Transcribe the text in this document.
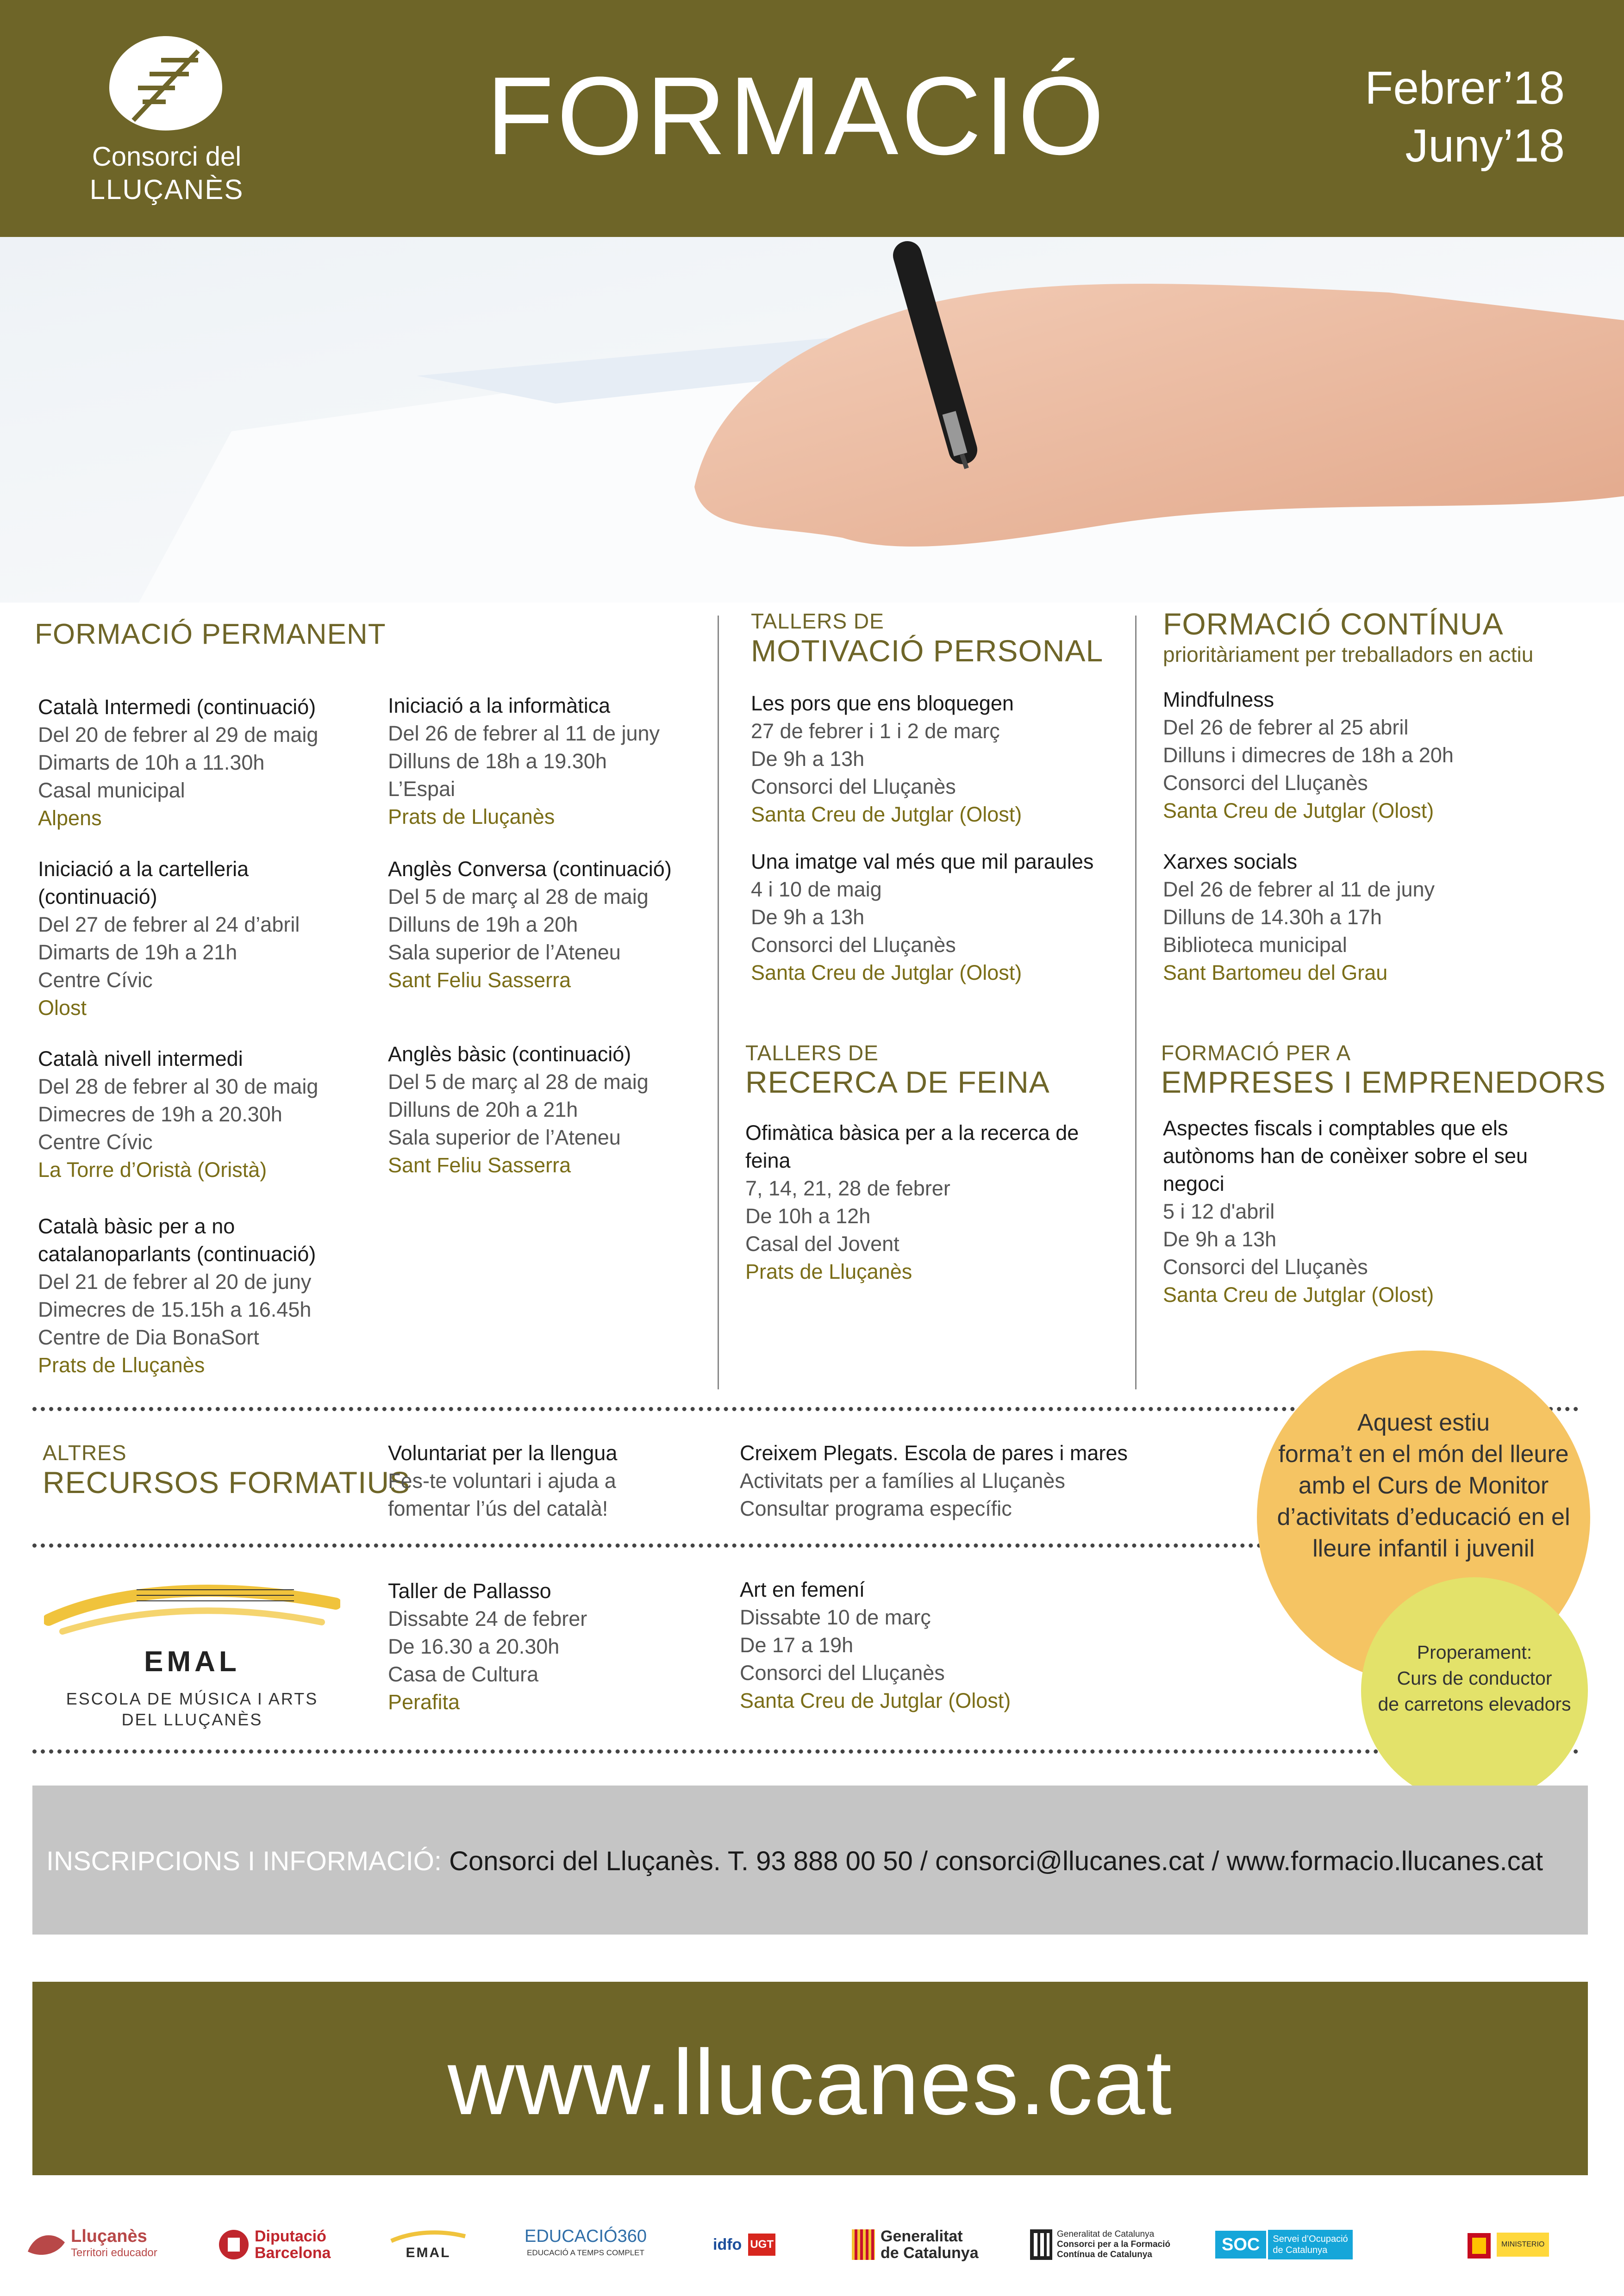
Consorci del
LLUÇANÈS
FORMACIÓ	Febrer’18
Juny’18
FORMACIÓ PERMANENT
Català Intermedi (continuació)
Del 20 de febrer al 29 de maig
Dimarts de 10h a 11.30h
Casal municipal
Alpens
Iniciació a la cartelleria
(continuació)
Del 27 de febrer al 24 d’abril
Dimarts de 19h a 21h
Centre Cívic
Olost
Català nivell intermedi
Del 28 de febrer al 30 de maig
Dimecres de 19h a 20.30h
Centre Cívic
La Torre d’Oristà (Oristà)
Català bàsic per a no
catalanoparlants (continuació)
Del 21 de febrer al 20 de juny
Dimecres de 15.15h a 16.45h
Centre de Dia BonaSort
Prats de Lluçanès
Iniciació a la informàtica
Del 26 de febrer al 11 de juny
Dilluns de 18h a 19.30h
L’Espai
Prats de Lluçanès
Anglès Conversa (continuació)
Del 5 de març al 28 de maig
Dilluns de 19h a 20h
Sala superior de l’Ateneu
Sant Feliu Sasserra
Anglès bàsic (continuació)
Del 5 de març al 28 de maig
Dilluns de 20h a 21h
Sala superior de l’Ateneu
Sant Feliu Sasserra
TALLERS DE
MOTIVACIÓ PERSONAL
Les pors que ens bloquegen
27 de febrer i 1 i 2 de març
De 9h a 13h
Consorci del Lluçanès
Santa Creu de Jutglar (Olost)
Una imatge val més que mil paraules
4 i 10 de maig
De 9h a 13h
Consorci del Lluçanès
Santa Creu de Jutglar (Olost)
TALLERS DE
RECERCA DE FEINA
Ofimàtica bàsica per a la recerca de
feina
7, 14, 21, 28 de febrer
De 10h a 12h
Casal del Jovent
Prats de Lluçanès
FORMACIÓ CONTÍNUA
prioritàriament per treballadors en actiu
Mindfulness
Del 26 de febrer al 25 abril
Dilluns i dimecres de 18h a 20h
Consorci del Lluçanès
Santa Creu de Jutglar (Olost)
Xarxes socials
Del 26 de febrer al 11 de juny
Dilluns de 14.30h a 17h
Biblioteca municipal
Sant Bartomeu del Grau
FORMACIÓ PER A
EMPRESES I EMPRENEDORS
Aspectes fiscals i comptables que els
autònoms han de conèixer sobre el seu
negoci
5 i 12 d'abril
De 9h a 13h
Consorci del Lluçanès
Santa Creu de Jutglar (Olost)
ALTRES
RECURSOS FORMATIUS
Voluntariat per la llengua
Fes-te voluntari i ajuda a
fomentar l’ús del català!
Creixem Plegats. Escola de pares i mares
Activitats per a famílies al Lluçanès
Consultar programa específic
EMAL
ESCOLA DE MÚSICA I ARTS
DEL LLUÇANÈS
Taller de Pallasso
Dissabte 24 de febrer
De 16.30 a 20.30h
Casa de Cultura
Perafita
Art en femení
Dissabte 10 de març
De 17 a 19h
Consorci del Lluçanès
Santa Creu de Jutglar (Olost)
Aquest estiu
forma’t en el món del lleure
amb el Curs de Monitor
d’activitats d’educació en el
lleure infantil i juvenil
Properament:
Curs de conductor
de carretons elevadors
INSCRIPCIONS I INFORMACIÓ: Consorci del Lluçanès. T. 93 888 00 50 / consorci@llucanes.cat / www.formacio.llucanes.cat
www.llucanes.cat
Lluçanès
Territori educador
Diputació
Barcelona	EMAL
EDUCACIÓ360
EDUCACIÓ A TEMPS COMPLET	idfo UGT	Generalitat
de Catalunya
Generalitat de Catalunya
Consorci per a la Formació
Contínua de Catalunya
SOC	Servei d’Ocupació
de Catalunya
MINISTERIO
